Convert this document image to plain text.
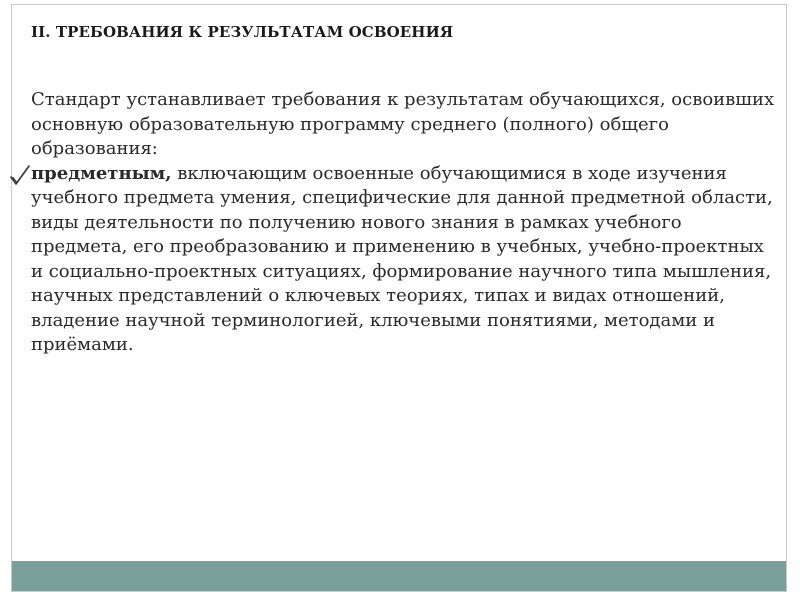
II. ТРЕБОВАНИЯ К РЕЗУЛЬТАТАМ ОСВОЕНИЯ

Стандарт устанавливает требования к результатам обучающихся, освоивших основную образовательную программу среднего (полного) общего образования:

предметным, включающим освоенные обучающимися в ходе изучения учебного предмета умения, специфические для данной предметной области, виды деятельности по получению нового знания в рамках учебного предмета, его преобразованию и применению в учебных, учебно-проектных и социально-проектных ситуациях, формирование научного типа мышления, научных представлений о ключевых теориях, типах и видах отношений, владение научной терминологией, ключевыми понятиями, методами и приёмами.
